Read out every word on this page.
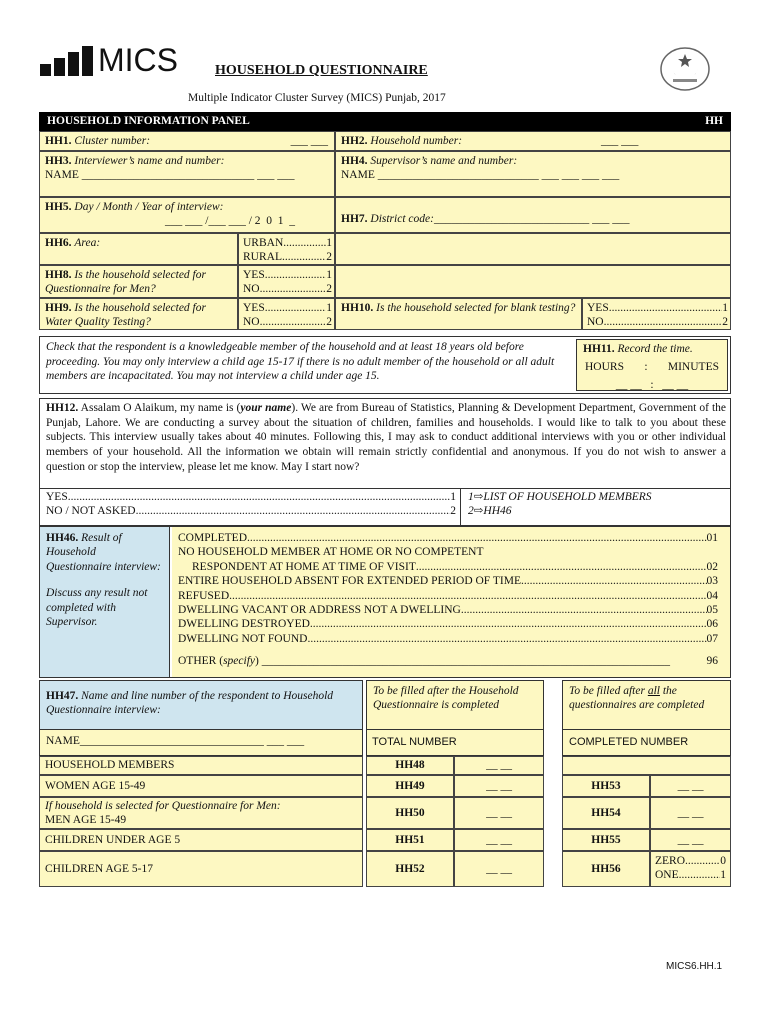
MICS	HOUSEHOLD QUESTIONNAIRE
Multiple Indicator Cluster Survey (MICS) Punjab, 2017
HOUSEHOLD INFORMATION PANEL	HH
HH1. Cluster number:	___ ___	HH2. Household number:	___ ___
HH3. Interviewer’s name and number:
NAME ______________________________ ___ ___
HH4. Supervisor’s name and number:
NAME ____________________________ ___ ___ ___ ___
HH5. Day / Month / Year of interview:
___ ___ /___ ___ / 2  0  1  _	HH7. District code:___________________________ ___ ___
HH6. Area:	URBAN .....	1
RURAL .....	2
HH8. Is the household selected for Questionnaire for Men?
YES .....	1
NO .....	2
HH9. Is the household selected for Water Quality Testing?
YES .....	1
NO .....	2
HH10. Is the household selected for blank testing?	YES .....	1
NO. .....	2
Check that the respondent is a knowledgeable member of the household and at least 18 years old before proceeding. You may only interview a child age 15-17 if there is no adult member of the household or all adult members are incapacitated. You may not interview a child under age 15.
HH11. Record the time.
HOURS : MINUTES
__ __   :   __ __
HH12. Assalam O Alaikum, my name is (your name). We are from Bureau of Statistics, Planning & Development Department, Government of the Punjab, Lahore. We are conducting a survey about the situation of children, families and households. I would like to talk to you about these subjects. This interview usually takes about 40 minutes. Following this, I may ask to conduct additional interviews with you or other individual members of your household. All the information we obtain will remain strictly confidential and anonymous. If you do not wish to answer a question or stop the interview, please let me know. May I start now?
YES .....	1
NO / NOT ASKED .....	2
1⇨LIST OF HOUSEHOLD MEMBERS
2⇨HH46
HH46. Result of Household Questionnaire interview:
Discuss any result not completed with Supervisor.
COMPLETED .....	01
NO HOUSEHOLD MEMBER AT HOME OR NO COMPETENT
RESPONDENT AT HOME AT TIME OF VISIT .....	02
ENTIRE HOUSEHOLD ABSENT FOR EXTENDED PERIOD OF TIME .....	03
REFUSED .....	04
DWELLING VACANT OR ADDRESS NOT A DWELLING .....	05
DWELLING DESTROYED .....	06
DWELLING NOT FOUND .....	07
OTHER (specify) _______________________________________________________________________	96
HH47. Name and line number of the respondent to Household Questionnaire interview:
NAME________________________________ ___ ___
To be filled after the Household Questionnaire is completed
TOTAL NUMBER
To be filled after all the questionnaires are completed
COMPLETED NUMBER
HOUSEHOLD MEMBERS	HH48	__ __
WOMEN AGE 15-49	HH49	__ __	HH53	__ __
If household is selected for Questionnaire for Men:
MEN AGE 15-49
HH50	__ __	HH54	__ __
CHILDREN UNDER AGE 5	HH51	__ __	HH55	__ __
CHILDREN AGE 5-17	HH52	__ __	HH56
ZERO .....	0
ONE .....	1
MICS6.HH.1
